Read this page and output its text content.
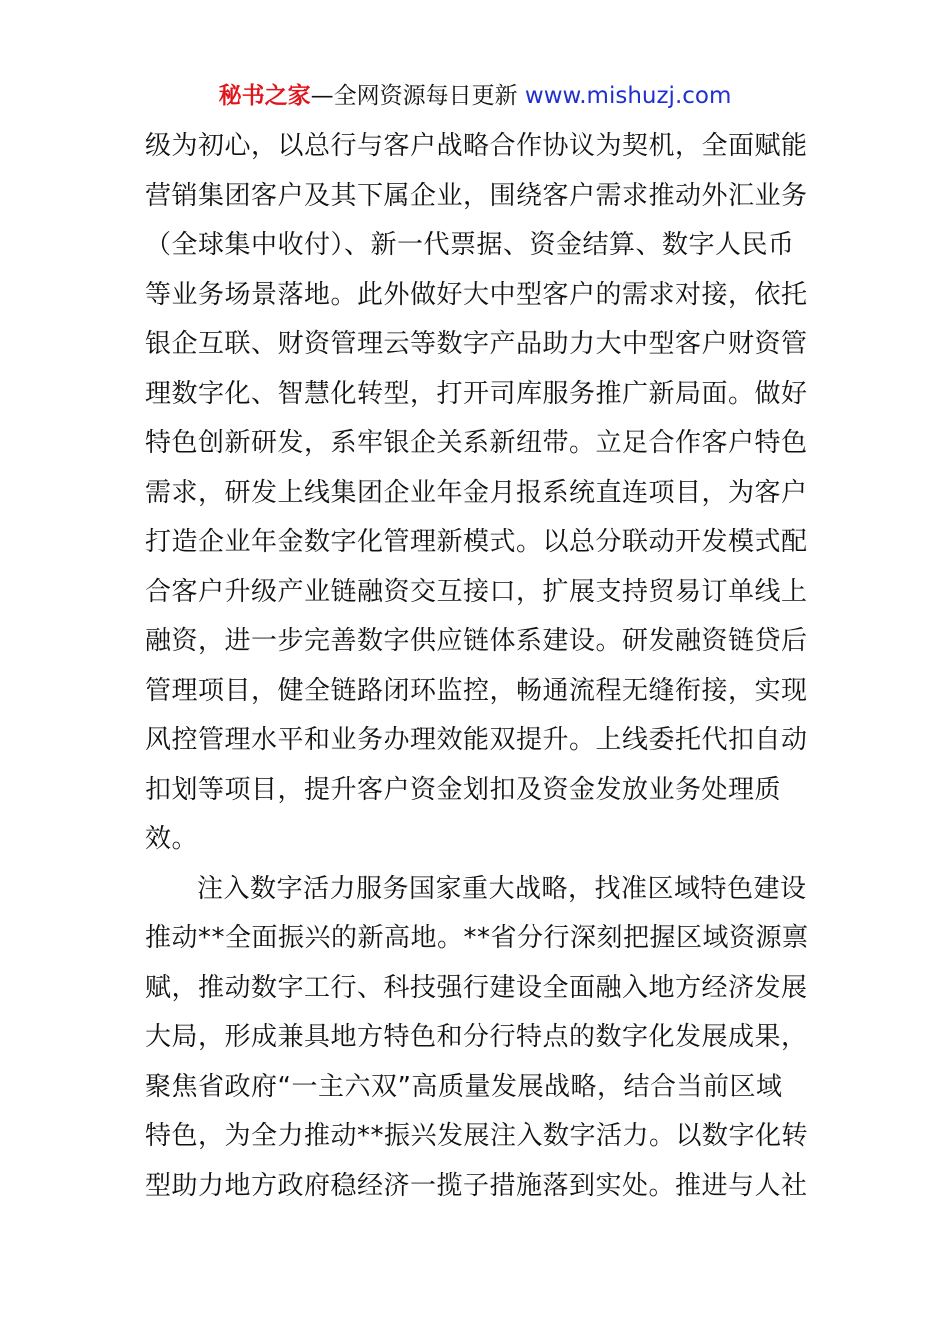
秘书之家—全网资源每日更新 www.mishuzj.com
级为初心，以总行与客户战略合作协议为契机，全面赋能
营销集团客户及其下属企业，围绕客户需求推动外汇业务
（全球集中收付）、新一代票据、资金结算、数字人民币
等业务场景落地。此外做好大中型客户的需求对接，依托
银企互联、财资管理云等数字产品助力大中型客户财资管
理数字化、智慧化转型，打开司库服务推广新局面。做好
特色创新研发，系牢银企关系新纽带。立足合作客户特色
需求，研发上线集团企业年金月报系统直连项目，为客户
打造企业年金数字化管理新模式。以总分联动开发模式配
合客户升级产业链融资交互接口，扩展支持贸易订单线上
融资，进一步完善数字供应链体系建设。研发融资链贷后
管理项目，健全链路闭环监控，畅通流程无缝衔接，实现
风控管理水平和业务办理效能双提升。上线委托代扣自动
扣划等项目，提升客户资金划扣及资金发放业务处理质
效。
注入数字活力服务国家重大战略，找准区域特色建设
推动**全面振兴的新高地。**省分行深刻把握区域资源禀
赋，推动数字工行、科技强行建设全面融入地方经济发展
大局，形成兼具地方特色和分行特点的数字化发展成果，
聚焦省政府“一主六双”高质量发展战略，结合当前区域
特色，为全力推动**振兴发展注入数字活力。以数字化转
型助力地方政府稳经济一揽子措施落到实处。推进与人社
